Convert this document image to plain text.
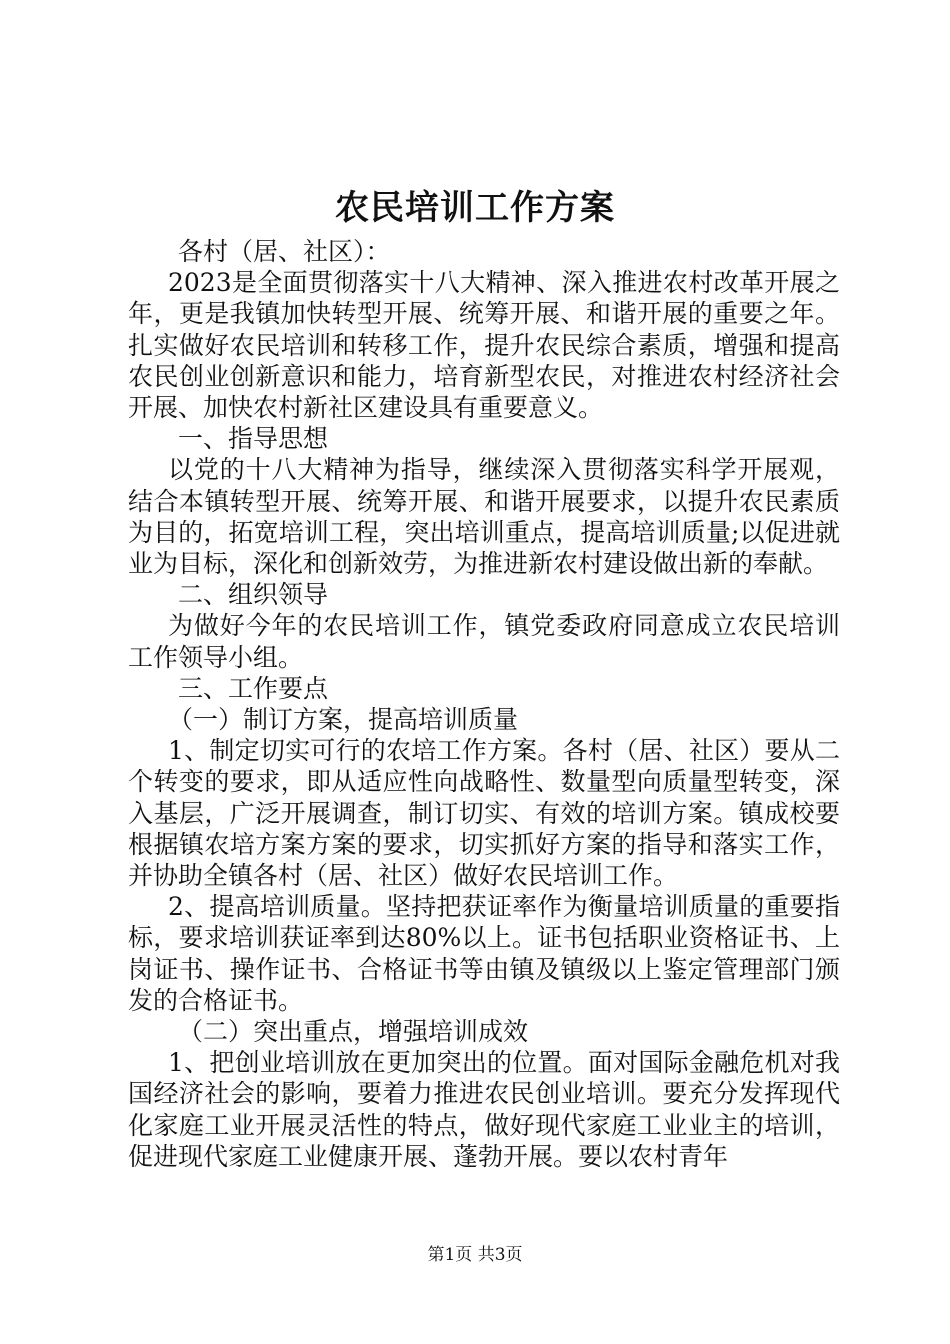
农民培训工作方案

各村（居、社区）：

2023是全面贯彻落实十八大精神、深入推进农村改革开展之年，更是我镇加快转型开展、统筹开展、和谐开展的重要之年。扎实做好农民培训和转移工作，提升农民综合素质，增强和提高农民创业创新意识和能力，培育新型农民，对推进农村经济社会开展、加快农村新社区建设具有重要意义。

一、指导思想

以党的十八大精神为指导，继续深入贯彻落实科学开展观，结合本镇转型开展、统筹开展、和谐开展要求，以提升农民素质为目的，拓宽培训工程，突出培训重点，提高培训质量;以促进就业为目标，深化和创新效劳，为推进新农村建设做出新的奉献。

二、组织领导

为做好今年的农民培训工作，镇党委政府同意成立农民培训工作领导小组。

三、工作要点

（一）制订方案，提高培训质量

1、制定切实可行的农培工作方案。各村（居、社区）要从二个转变的要求，即从适应性向战略性、数量型向质量型转变，深入基层，广泛开展调查，制订切实、有效的培训方案。镇成校要根据镇农培方案方案的要求，切实抓好方案的指导和落实工作，并协助全镇各村（居、社区）做好农民培训工作。

2、提高培训质量。坚持把获证率作为衡量培训质量的重要指标，要求培训获证率到达80%以上。证书包括职业资格证书、上岗证书、操作证书、合格证书等由镇及镇级以上鉴定管理部门颁发的合格证书。

（二）突出重点，增强培训成效

1、把创业培训放在更加突出的位置。面对国际金融危机对我国经济社会的影响，要着力推进农民创业培训。要充分发挥现代化家庭工业开展灵活性的特点，做好现代家庭工业业主的培训，促进现代家庭工业健康开展、蓬勃开展。要以农村青年

第1页 共3页
